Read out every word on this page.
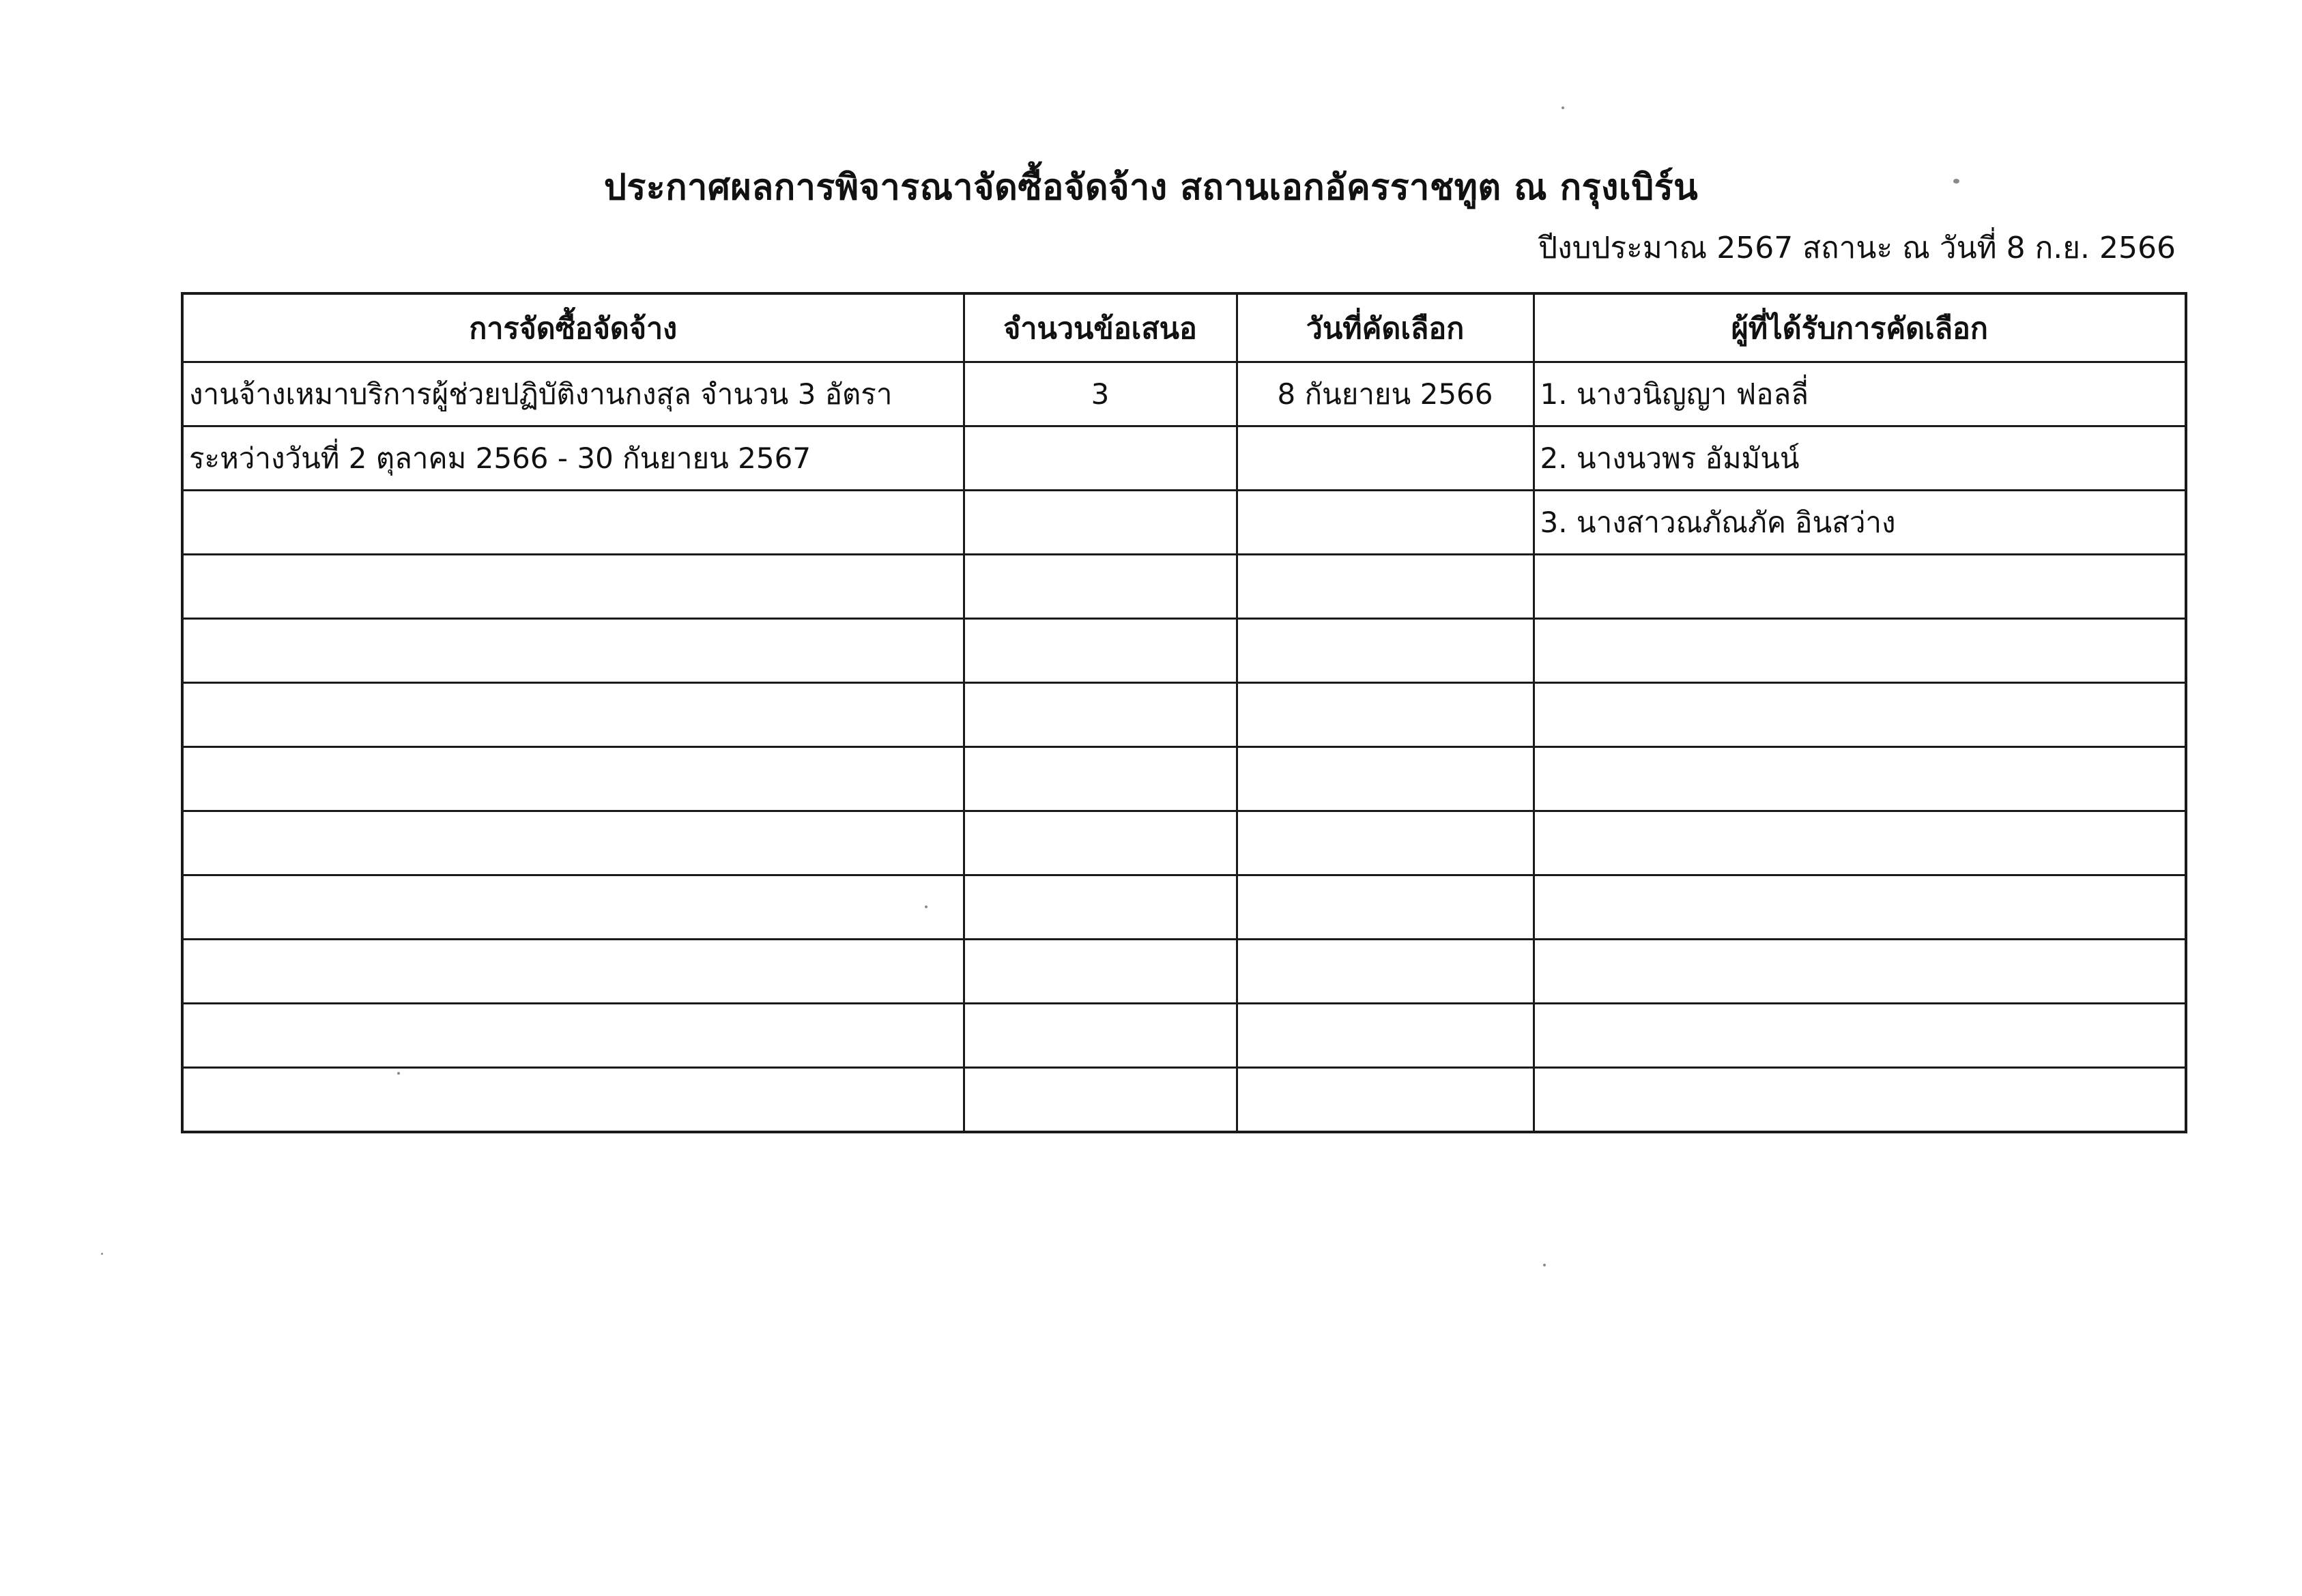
ประกาศผลการพิจารณาจัดซื้อจัดจ้าง สถานเอกอัครราชทูต ณ กรุงเบิร์น
ปีงบประมาณ 2567 สถานะ ณ วันที่ 8 ก.ย. 2566
การจัดซื้อจัดจ้าง	จำนวนข้อเสนอ	วันที่คัดเลือก	ผู้ที่ได้รับการคัดเลือก
งานจ้างเหมาบริการผู้ช่วยปฏิบัติงานกงสุล จำนวน 3 อัตรา	3	8 กันยายน 2566	1. นางวนิญญา ฟอลลี่
ระหว่างวันที่ 2 ตุลาคม 2566 - 30 กันยายน 2567			2. นางนวพร อัมมันน์
			3. นางสาวณภัณภัค อินสว่าง
